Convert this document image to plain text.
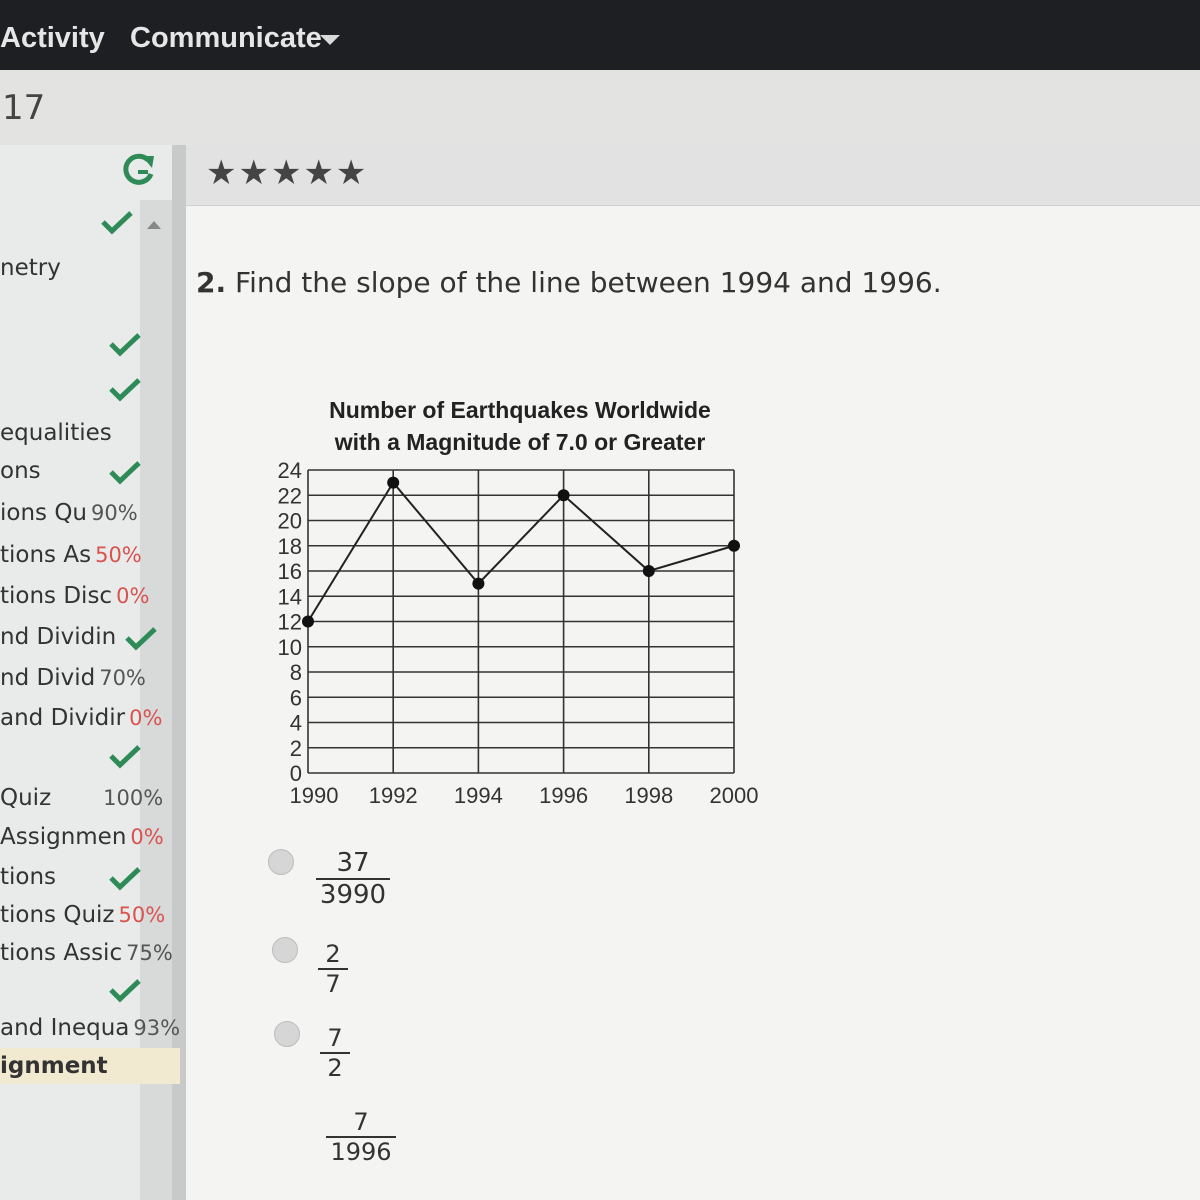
Activity Communicate
17
netry
equalities
ons
ions Qu 90%
tions As 50%
tions Disc 0%
nd Dividin
nd Divid 70%
and Dividir 0%
Quiz 100%
Assignmen 0%
tions
tions Quiz 50%
tions Assic 75%
and Inequa 93%
ignment
★★★★★
2. Find the slope of the line between 1994 and 1996.
Number of Earthquakes Worldwide
with a Magnitude of 7.0 or Greater
0
2
4
6
8
10
12
14
16
18
20
22
24
1990 1992 1994 1996 1998 2000
37
3990
2
7
7
2
7
1996
